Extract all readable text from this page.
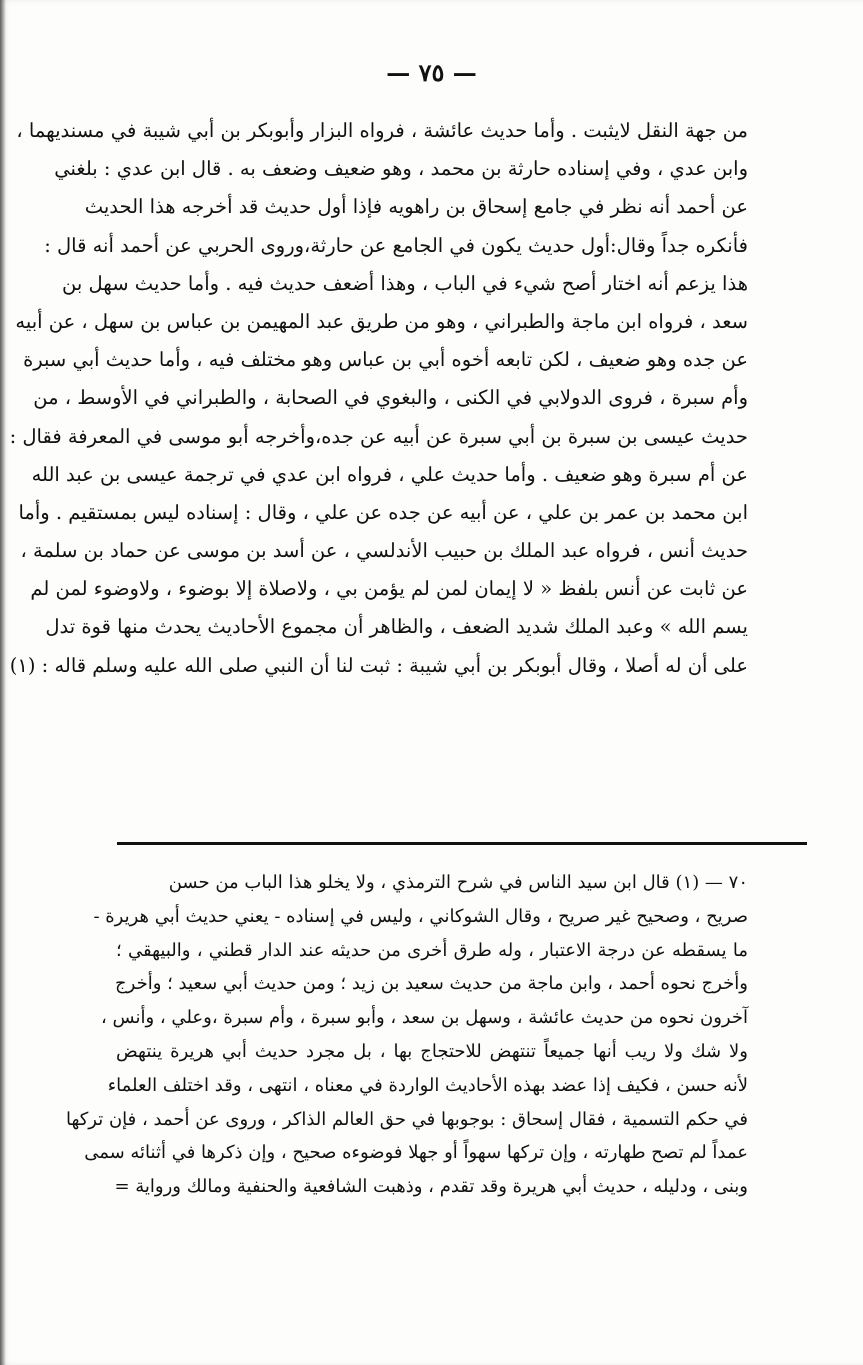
— ٧٥ —
من جهة النقل لايثبت . وأما حديث عائشة ، فرواه البزار وأبوبكر بن أبي شيبة في مسنديهما ،
وابن عدي ، وفي إسناده حارثة بن محمد ، وهو ضعيف وضعف به . قال ابن عدي : بلغني
عن أحمد أنه نظر في جامع إسحاق بن راهويه فإذا أول حديث قد أخرجه هذا الحديث
فأنكره جداً وقال:أول حديث يكون في الجامع عن حارثة،وروى الحربي عن أحمد أنه قال :
هذا يزعم أنه اختار أصح شيء في الباب ، وهذا أضعف حديث فيه . وأما حديث سهل بن
سعد ، فرواه ابن ماجة والطبراني ، وهو من طريق عبد المهيمن بن عباس بن سهل ، عن أبيه
عن جده وهو ضعيف ، لكن تابعه أخوه أبي بن عباس وهو مختلف فيه ، وأما حديث أبي سبرة
وأم سبرة ، فروى الدولابي في الكنى ، والبغوي في الصحابة ، والطبراني في الأوسط ، من
حديث عيسى بن سبرة بن أبي سبرة عن أبيه عن جده،وأخرجه أبو موسى في المعرفة فقال :
عن أم سبرة وهو ضعيف . وأما حديث علي ، فرواه ابن عدي في ترجمة عيسى بن عبد الله
ابن محمد بن عمر بن علي ، عن أبيه عن جده عن علي ، وقال : إسناده ليس بمستقيم . وأما
حديث أنس ، فرواه عبد الملك بن حبيب الأندلسي ، عن أسد بن موسى عن حماد بن سلمة ،
عن ثابت عن أنس بلفظ « لا إيمان لمن لم يؤمن بي ، ولاصلاة إلا بوضوء ، ولاوضوء لمن لم
يسم الله » وعبد الملك شديد الضعف ، والظاهر أن مجموع الأحاديث يحدث منها قوة تدل
على أن له أصلا ، وقال أبوبكر بن أبي شيبة : ثبت لنا أن النبي صلى الله عليه وسلم قاله : (١)
٧٠ — (١) قال ابن سيد الناس في شرح الترمذي ، ولا يخلو هذا الباب من حسن
صريح ، وصحيح غير صريح ، وقال الشوكاني ، وليس في إسناده - يعني حديث أبي هريرة -
ما يسقطه عن درجة الاعتبار ، وله طرق أخرى من حديثه عند الدار قطني ، والبيهقي ؛
وأخرج نحوه أحمد ، وابن ماجة من حديث سعيد بن زيد ؛ ومن حديث أبي سعيد ؛ وأخرج
آخرون نحوه من حديث عائشة ، وسهل بن سعد ، وأبو سبرة ، وأم سبرة ،وعلي ، وأنس ،
ولا شك ولا ريب أنها جميعاً تنتهض للاحتجاج بها ، بل مجرد حديث أبي هريرة ينتهض
لأنه حسن ، فكيف إذا عضد بهذه الأحاديث الواردة في معناه ، انتهى ، وقد اختلف العلماء
في حكم التسمية ، فقال إسحاق : بوجوبها في حق العالم الذاكر ، وروى عن أحمد ، فإن تركها
عمداً لم تصح طهارته ، وإن تركها سهواً أو جهلا فوضوءه صحيح ، وإن ذكرها في أثنائه سمى
وبنى ، ودليله ، حديث أبي هريرة وقد تقدم ، وذهبت الشافعية والحنفية ومالك ورواية =
